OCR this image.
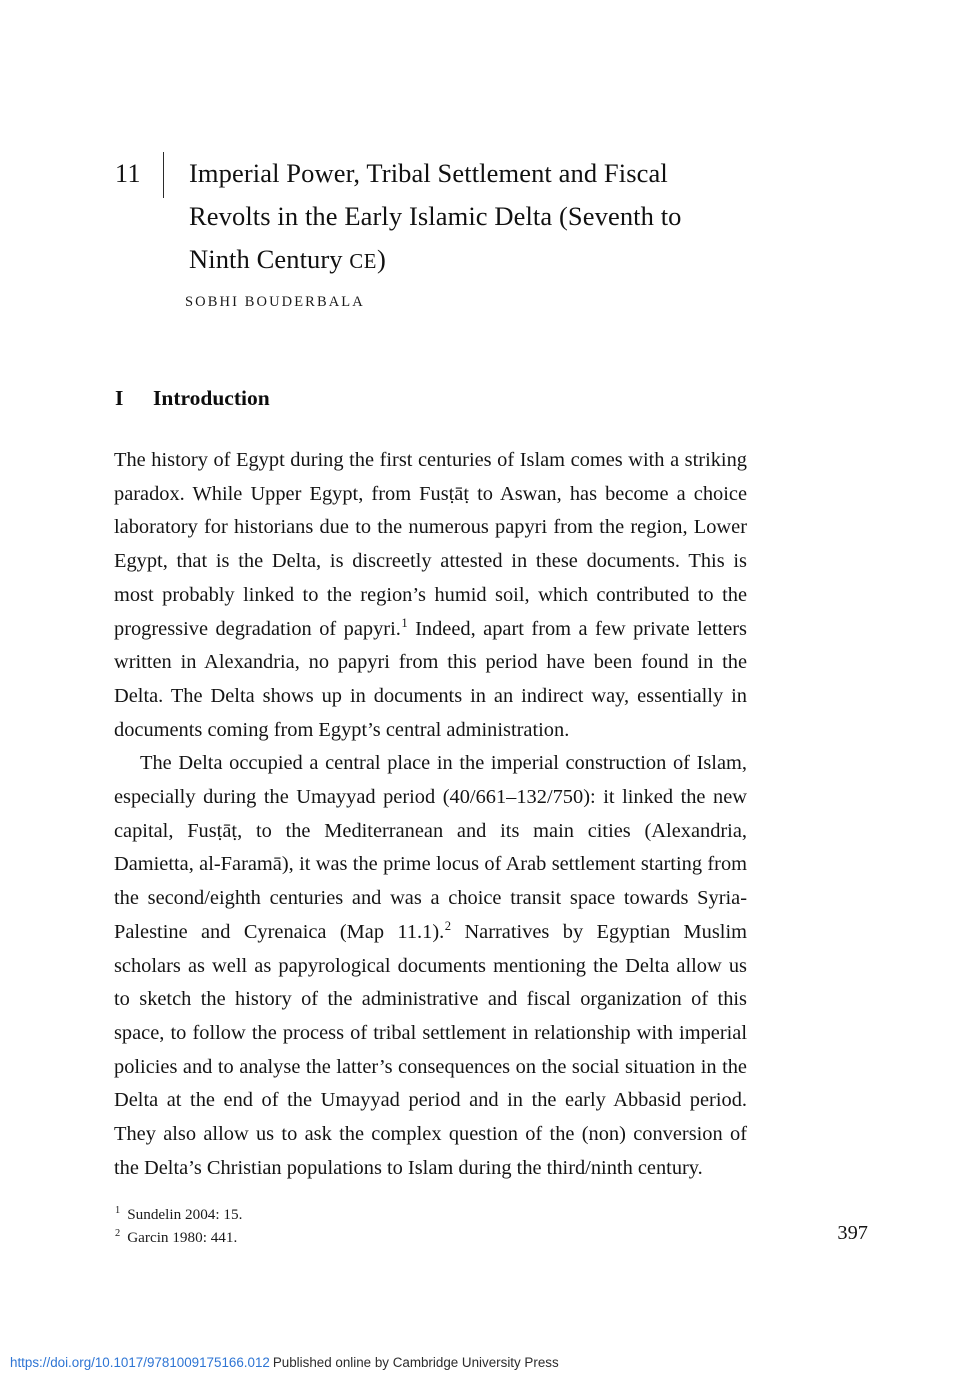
11	Imperial Power, Tribal Settlement and Fiscal
Revolts in the Early Islamic Delta (Seventh to
Ninth Century CE)
SOBHI BOUDERBALA
I	Introduction

The history of Egypt during the first centuries of Islam comes with a striking paradox. While Upper Egypt, from Fusṭāṭ to Aswan, has become a choice laboratory for historians due to the numerous papyri from the region, Lower Egypt, that is the Delta, is discreetly attested in these documents. This is most probably linked to the region’s humid soil, which contributed to the progressive degradation of papyri.$^1$ Indeed, apart from a few private letters written in Alexandria, no papyri from this period have been found in the Delta. The Delta shows up in documents in an indirect way, essentially in documents coming from Egypt’s central administration.

The Delta occupied a central place in the imperial construction of Islam, especially during the Umayyad period (40/661–132/750): it linked the new capital, Fusṭāṭ, to the Mediterranean and its main cities (Alexandria, Damietta, al-Faramā), it was the prime locus of Arab settlement starting from the second/eighth centuries and was a choice transit space towards Syria-Palestine and Cyrenaica (Map 11.1).$^2$ Narratives by Egyptian Muslim scholars as well as papyrological documents mentioning the Delta allow us to sketch the history of the administrative and fiscal organization of this space, to follow the process of tribal settlement in relationship with imperial policies and to analyse the latter’s consequences on the social situation in the Delta at the end of the Umayyad period and in the early Abbasid period. They also allow us to ask the complex question of the (non) conversion of the Delta’s Christian populations to Islam during the third/ninth century.

$^1$ Sundelin 2004: 15.
$^2$ Garcin 1980: 441.	397
https://doi.org/10.1017/9781009175166.012 Published online by Cambridge University Press
